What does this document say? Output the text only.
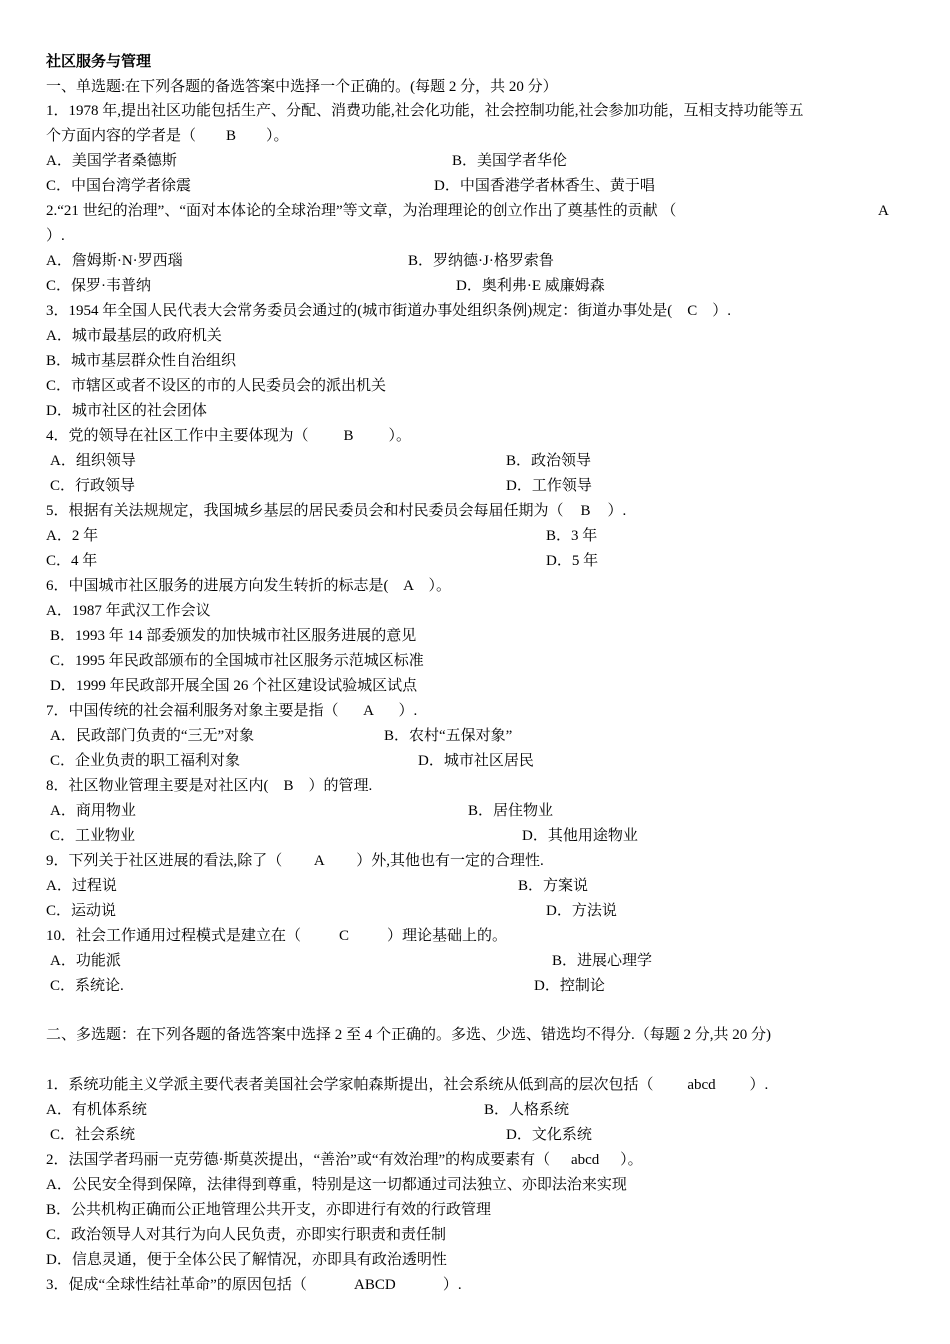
社区服务与管理
一、单选题:在下列各题的备选答案中选择一个正确的。(每题 2 分，共 20 分）
1．1978 年,提出社区功能包括生产、分配、消费功能,社会化功能，社会控制功能,社会参加功能，互相支持功能等五
个方面内容的学者是（ B ）。
A．美国学者桑德斯	B．美国学者华伦
C．中国台湾学者徐震	D．中国香港学者林香生、黄于唱
2.“21 世纪的治理”、“面对本体论的全球治理”等文章，为治理理论的创立作出了奠基性的贡献 （	A
）.
A．詹姆斯·N·罗西瑙	B．罗纳德·J·格罗索鲁
C．保罗·韦普纳	D．奥利弗·E 威廉姆森
3．1954 年全国人民代表大会常务委员会通过的(城市街道办事处组织条例)规定：街道办事处是( C ）.
A．城市最基层的政府机关
B．城市基层群众性自治组织
C．市辖区或者不设区的市的人民委员会的派出机关
D．城市社区的社会团体
4．党的领导在社区工作中主要体现为（ B ）。
A．组织领导	B．政治领导
C．行政领导	D．工作领导
5．根据有关法规规定，我国城乡基层的居民委员会和村民委员会每届任期为（ B ）.
A．2 年	B．3 年
C．4 年	D．5 年
6．中国城市社区服务的进展方向发生转折的标志是( A ）。
A．1987 年武汉工作会议
B．1993 年 14 部委颁发的加快城市社区服务进展的意见
C．1995 年民政部颁布的全国城市社区服务示范城区标准
D．1999 年民政部开展全国 26 个社区建设试验城区试点
7．中国传统的社会福利服务对象主要是指（ A ）.
A．民政部门负责的“三无”对象	B．农村“五保对象”
C．企业负责的职工福利对象	D．城市社区居民
8．社区物业管理主要是对社区内( B ）的管理.
A．商用物业	B．居住物业
C．工业物业	D．其他用途物业
9．下列关于社区进展的看法,除了（ A ）外,其他也有一定的合理性.
A．过程说	B．方案说
C．运动说	D．方法说
10．社会工作通用过程模式是建立在（	C	）理论基础上的。
A．功能派	B．进展心理学
C．系统论.	D．控制论
二、多选题：在下列各题的备选答案中选择 2 至 4 个正确的。多选、少选、错选均不得分.（每题 2 分,共 20 分)
1．系统功能主义学派主要代表者美国社会学家帕森斯提出，社会系统从低到高的层次包括（ abcd ）.
A．有机体系统	B．人格系统
C．社会系统	D．文化系统
2．法国学者玛丽一克劳德·斯莫茨提出，“善治”或“有效治理”的构成要素有（ abcd ）。
A．公民安全得到保障，法律得到尊重，特别是这一切都通过司法独立、亦即法治来实现
B．公共机构正确而公正地管理公共开支，亦即进行有效的行政管理
C．政治领导人对其行为向人民负责，亦即实行职责和责任制
D．信息灵通，便于全体公民了解情况，亦即具有政治透明性
3．促成“全球性结社革命”的原因包括（	ABCD	）.
